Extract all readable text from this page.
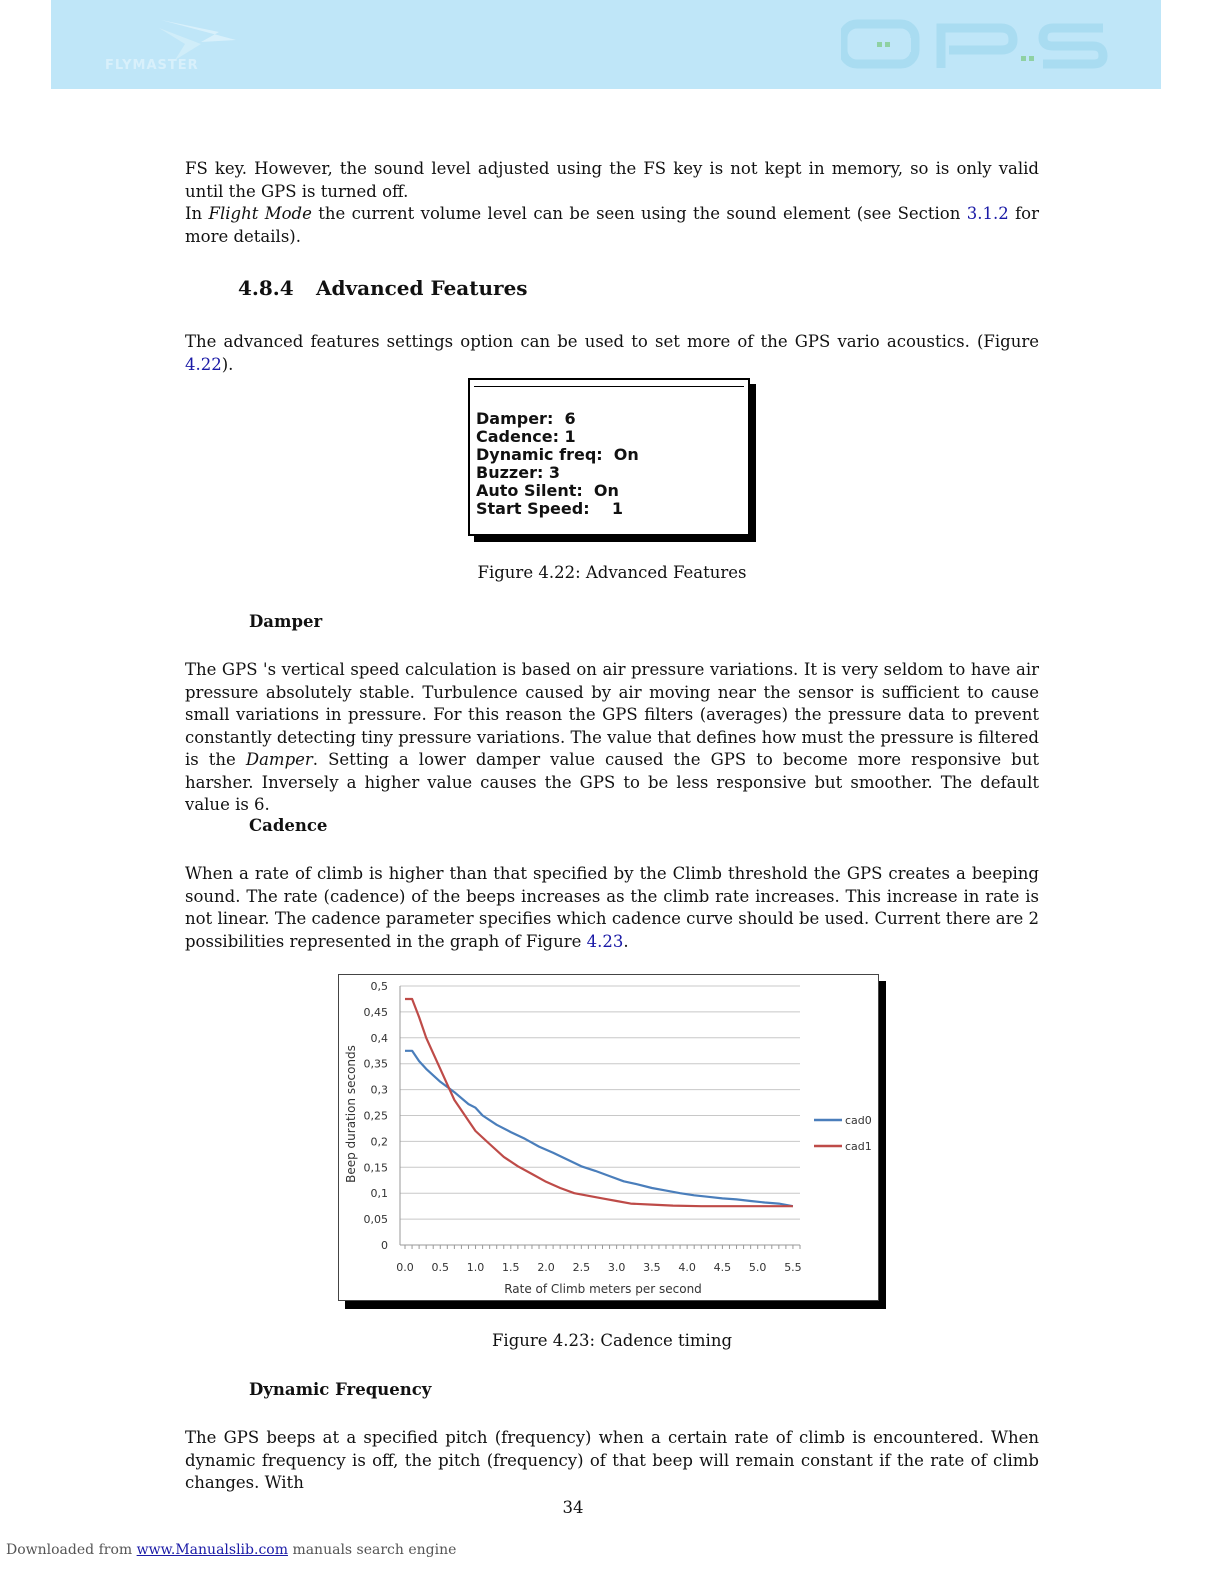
FLYMASTER

FS key. However, the sound level adjusted using the FS key is not kept in memory, so is only valid until the GPS is turned off.

In Flight Mode the current volume level can be seen using the sound element (see Section 3.1.2 for more details).

4.8.4 Advanced Features

The advanced features settings option can be used to set more of the GPS vario acoustics. (Figure 4.22).

Damper:  6
Cadence: 1
Dynamic freq:  On
Buzzer: 3
Auto Silent:  On
Start Speed:    1

Figure 4.22: Advanced Features

Damper

The GPS 's vertical speed calculation is based on air pressure variations. It is very seldom to have air pressure absolutely stable. Turbulence caused by air moving near the sensor is sufficient to cause small variations in pressure. For this reason the GPS filters (averages) the pressure data to prevent constantly detecting tiny pressure variations. The value that defines how must the pressure is filtered is the Damper. Setting a lower damper value caused the GPS to become more responsive but harsher. Inversely a higher value causes the GPS to be less responsive but smoother. The default value is 6.

Cadence

When a rate of climb is higher than that specified by the Climb threshold the GPS creates a beeping sound. The rate (cadence) of the beeps increases as the climb rate increases. This increase in rate is not linear. The cadence parameter specifies which cadence curve should be used. Current there are 2 possibilities represented in the graph of Figure 4.23.

0
0,05
0,1
0,15
0,2
0,25
0,3
0,35
0,4
0,45
0,5
0.0 0.5 1.0 1.5 2.0 2.5 3.0 3.5 4.0 4.5 5.0 5.5
Beep duration seconds
Rate of Climb meters per second
cad0
cad1

Figure 4.23: Cadence timing

Dynamic Frequency

The GPS beeps at a specified pitch (frequency) when a certain rate of climb is encountered. When dynamic frequency is off, the pitch (frequency) of that beep will remain constant if the rate of climb changes. With

34
Downloaded from www.Manualslib.com manuals search engine
